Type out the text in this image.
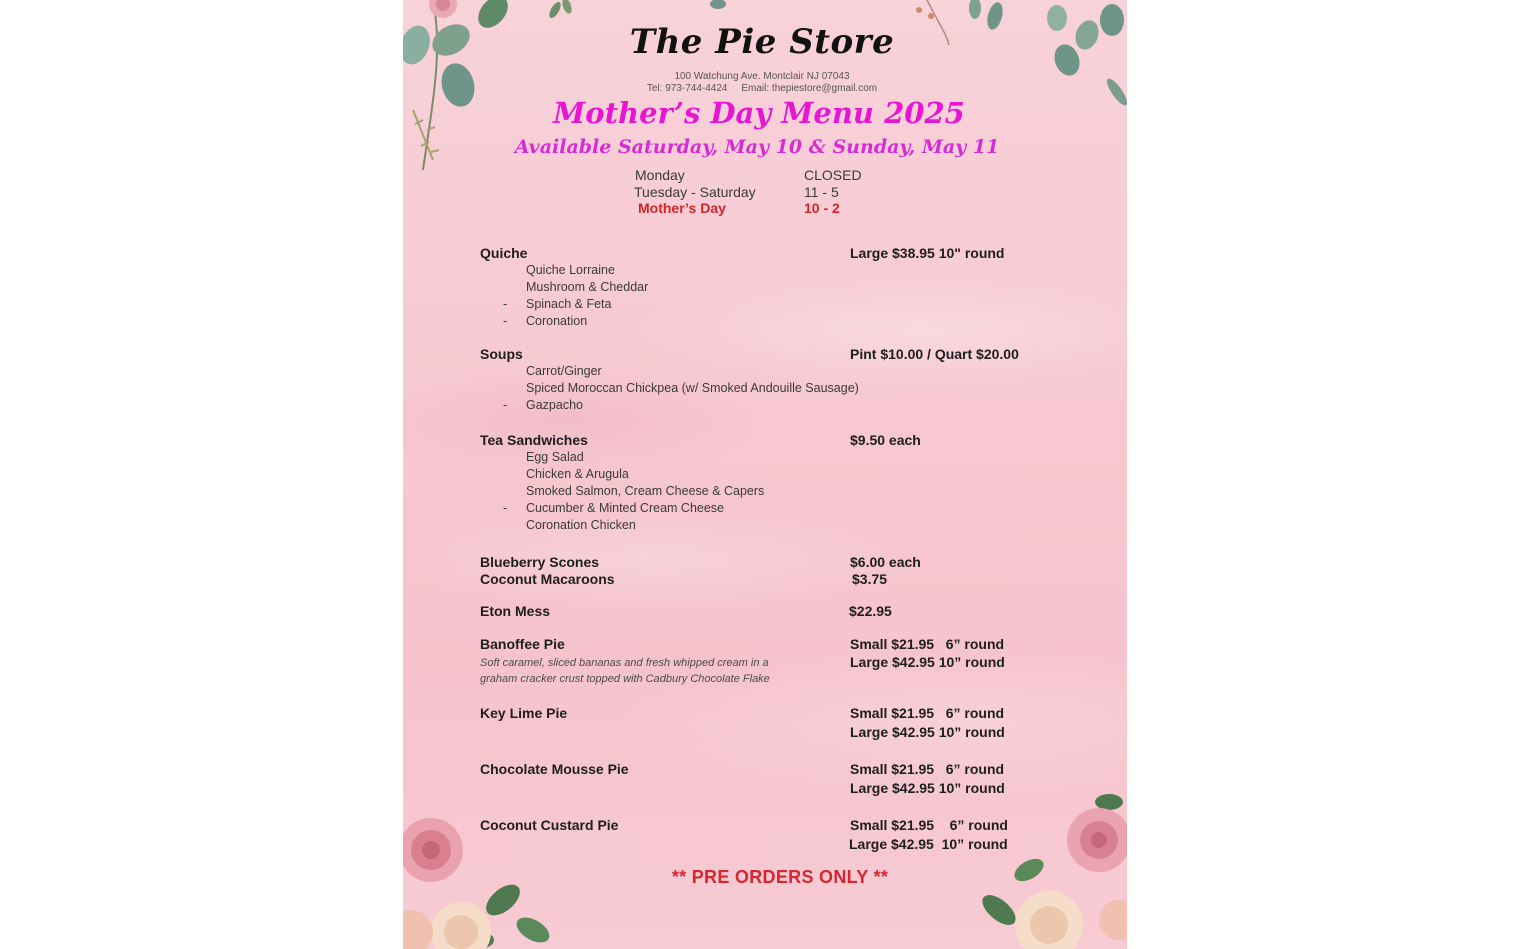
The Pie Store
100 Watchung Ave. Montclair NJ 07043
Tel: 973-744-4424     Email: thepiestore@gmail.com
Mother’s Day Menu 2025
Available Saturday, May 10 & Sunday, May 11
Monday	CLOSED
Tuesday - Saturday	11 - 5
Mother’s Day	10 - 2
Quiche	Large $38.95 10" round
Quiche Lorraine
Mushroom & Cheddar
- Spinach & Feta
- Coronation
Soups	Pint $10.00 / Quart $20.00
Carrot/Ginger
Spiced Moroccan Chickpea (w/ Smoked Andouille Sausage)
- Gazpacho
Tea Sandwiches	$9.50 each
Egg Salad
Chicken & Arugula
Smoked Salmon, Cream Cheese & Capers
- Cucumber & Minted Cream Cheese
Coronation Chicken
Blueberry Scones	$6.00 each
Coconut Macaroons	$3.75
Eton Mess	$22.95
Banoffee Pie	Small $21.95   6” round
Soft caramel, sliced bananas and fresh whipped cream in a	Large $42.95 10” round
graham cracker crust topped with Cadbury Chocolate Flake
Key Lime Pie	Small $21.95   6” round
Large $42.95 10” round
Chocolate Mousse Pie	Small $21.95   6” round
Large $42.95 10” round
Coconut Custard Pie	Small $21.95    6” round
Large $42.95  10” round
** PRE ORDERS ONLY **
